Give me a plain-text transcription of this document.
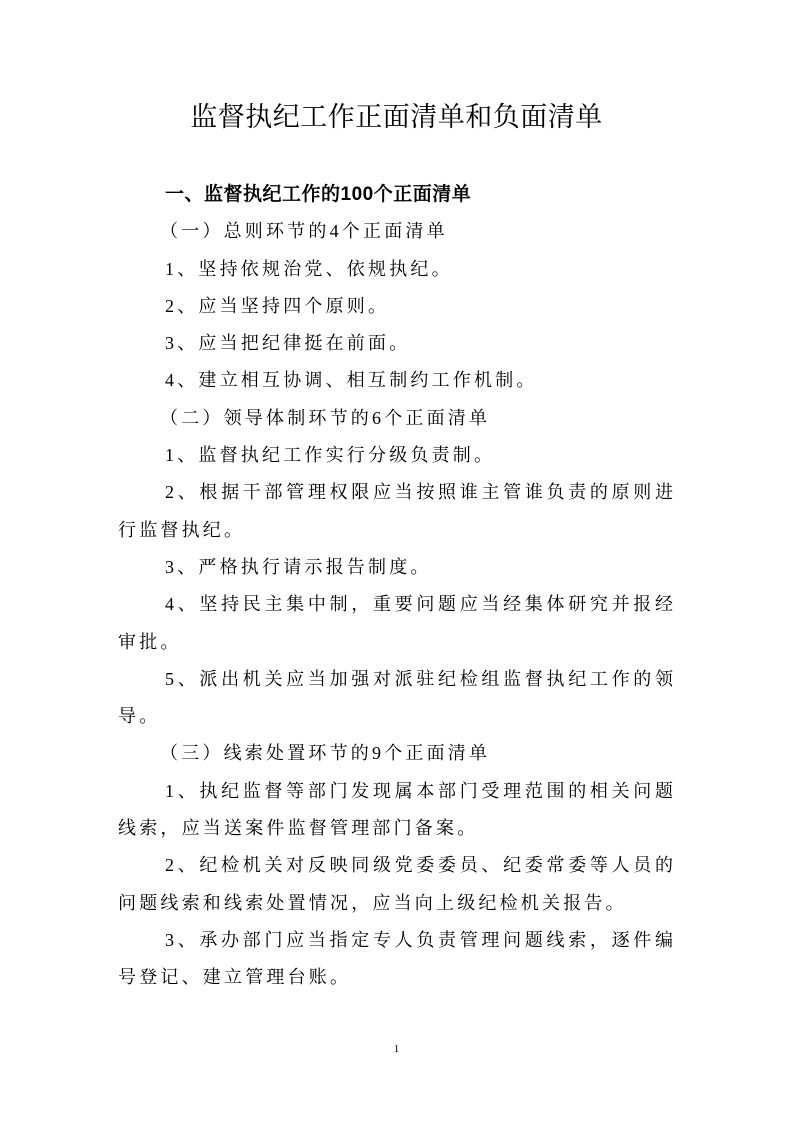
监督执纪工作正面清单和负面清单
一、监督执纪工作的100个正面清单
（一）总则环节的4个正面清单
1、坚持依规治党、依规执纪。
2、应当坚持四个原则。
3、应当把纪律挺在前面。
4、建立相互协调、相互制约工作机制。
（二）领导体制环节的6个正面清单
1、监督执纪工作实行分级负责制。
2、根据干部管理权限应当按照谁主管谁负责的原则进
行监督执纪。
3、严格执行请示报告制度。
4、坚持民主集中制，重要问题应当经集体研究并报经
审批。
5、派出机关应当加强对派驻纪检组监督执纪工作的领
导。
（三）线索处置环节的9个正面清单
1、执纪监督等部门发现属本部门受理范围的相关问题
线索，应当送案件监督管理部门备案。
2、纪检机关对反映同级党委委员、纪委常委等人员的
问题线索和线索处置情况，应当向上级纪检机关报告。
3、承办部门应当指定专人负责管理问题线索，逐件编
号登记、建立管理台账。
1
